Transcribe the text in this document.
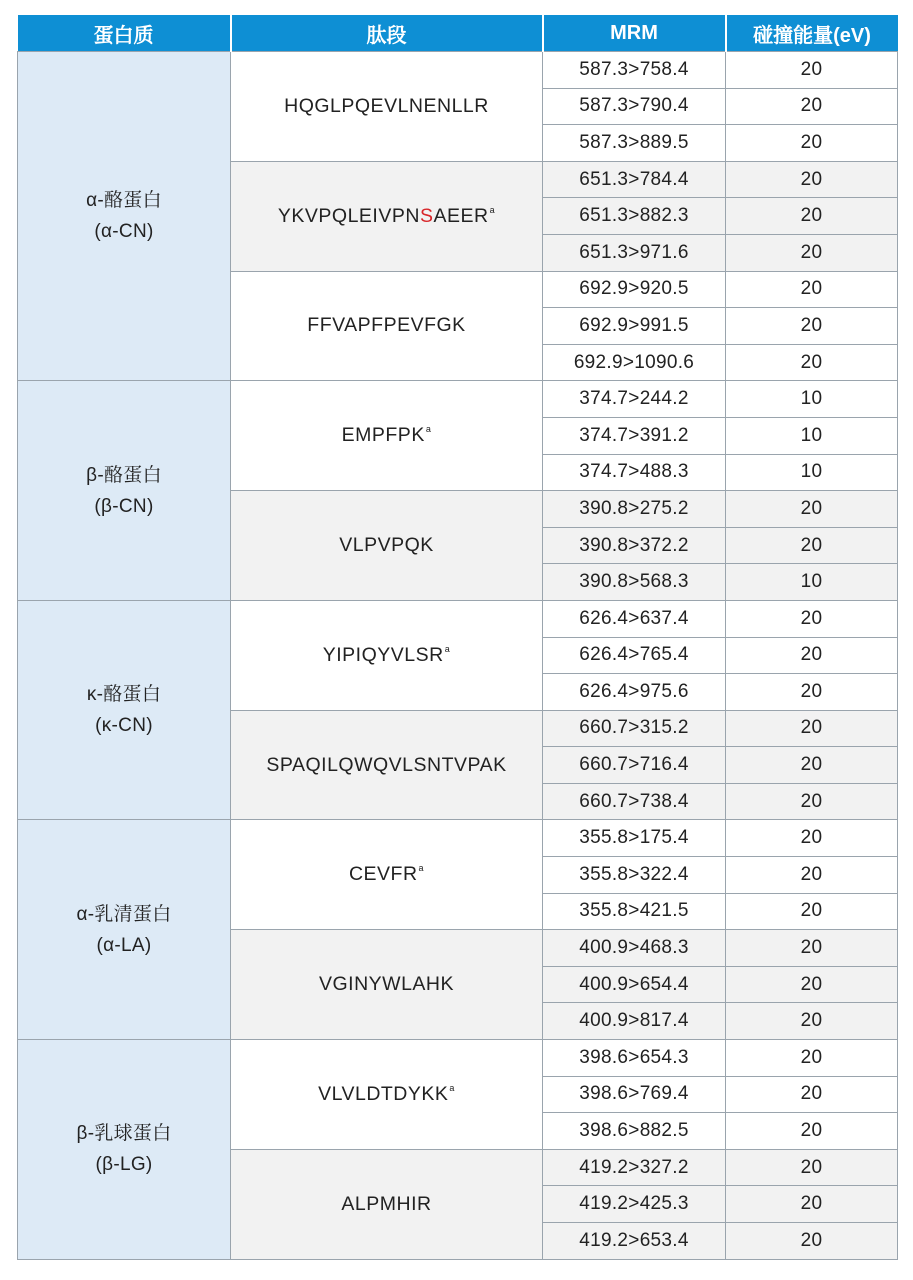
蛋白质	肽段	MRM	碰撞能量(eV)

α-酪蛋白
(α-CN)	HQGLPQEVLNENLLR	587.3>758.4	20
		587.3>790.4	20
		587.3>889.5	20
	YKVPQLEIVPNSAEER$^a$	651.3>784.4	20
		651.3>882.3	20
		651.3>971.6	20
	FFVAPFPEVFGK	692.9>920.5	20
		692.9>991.5	20
		692.9>1090.6	20

β-酪蛋白
(β-CN)	EMPFPK$^a$	374.7>244.2	10
		374.7>391.2	10
		374.7>488.3	10
	VLPVPQK	390.8>275.2	20
		390.8>372.2	20
		390.8>568.3	10

κ-酪蛋白
(κ-CN)	YIPIQYVLSR$^a$	626.4>637.4	20
		626.4>765.4	20
		626.4>975.6	20
	SPAQILQWQVLSNTVPAK	660.7>315.2	20
		660.7>716.4	20
		660.7>738.4	20

α-乳清蛋白
(α-LA)	CEVFR$^a$	355.8>175.4	20
		355.8>322.4	20
		355.8>421.5	20
	VGINYWLAHK	400.9>468.3	20
		400.9>654.4	20
		400.9>817.4	20

β-乳球蛋白
(β-LG)	VLVLDTDYKK$^a$	398.6>654.3	20
		398.6>769.4	20
		398.6>882.5	20
	ALPMHIR	419.2>327.2	20
		419.2>425.3	20
		419.2>653.4	20
